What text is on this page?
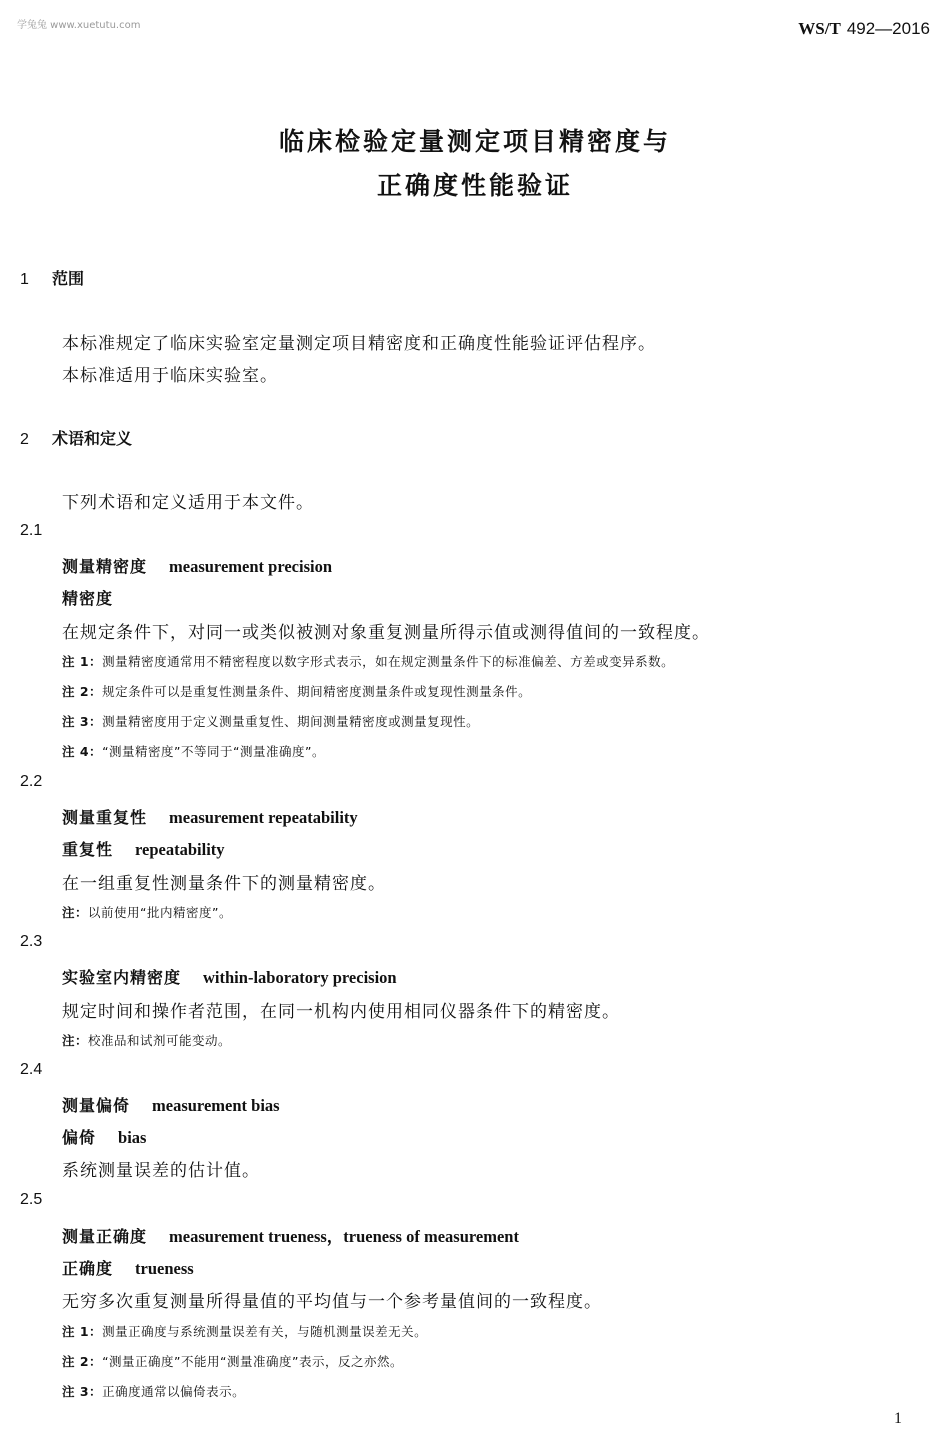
学兔兔 www.xuetutu.com	WS/T 492—2016
临床检验定量测定项目精密度与
正确度性能验证
1 范围
本标准规定了临床实验室定量测定项目精密度和正确度性能验证评估程序。
本标准适用于临床实验室。
2 术语和定义
下列术语和定义适用于本文件。
2.1
测量精密度 measurement precision
精密度
在规定条件下，对同一或类似被测对象重复测量所得示值或测得值间的一致程度。
注 1：测量精密度通常用不精密程度以数字形式表示，如在规定测量条件下的标准偏差、方差或变异系数。
注 2：规定条件可以是重复性测量条件、期间精密度测量条件或复现性测量条件。
注 3：测量精密度用于定义测量重复性、期间测量精密度或测量复现性。
注 4：“测量精密度”不等同于“测量准确度”。
2.2
测量重复性 measurement repeatability
重复性 repeatability
在一组重复性测量条件下的测量精密度。
注：以前使用“批内精密度”。
2.3
实验室内精密度 within-laboratory precision
规定时间和操作者范围，在同一机构内使用相同仪器条件下的精密度。
注：校准品和试剂可能变动。
2.4
测量偏倚 measurement bias
偏倚 bias
系统测量误差的估计值。
2.5
测量正确度 measurement trueness，trueness of measurement
正确度 trueness
无穷多次重复测量所得量值的平均值与一个参考量值间的一致程度。
注 1：测量正确度与系统测量误差有关，与随机测量误差无关。
注 2：“测量正确度”不能用“测量准确度”表示，反之亦然。
注 3：正确度通常以偏倚表示。
1
